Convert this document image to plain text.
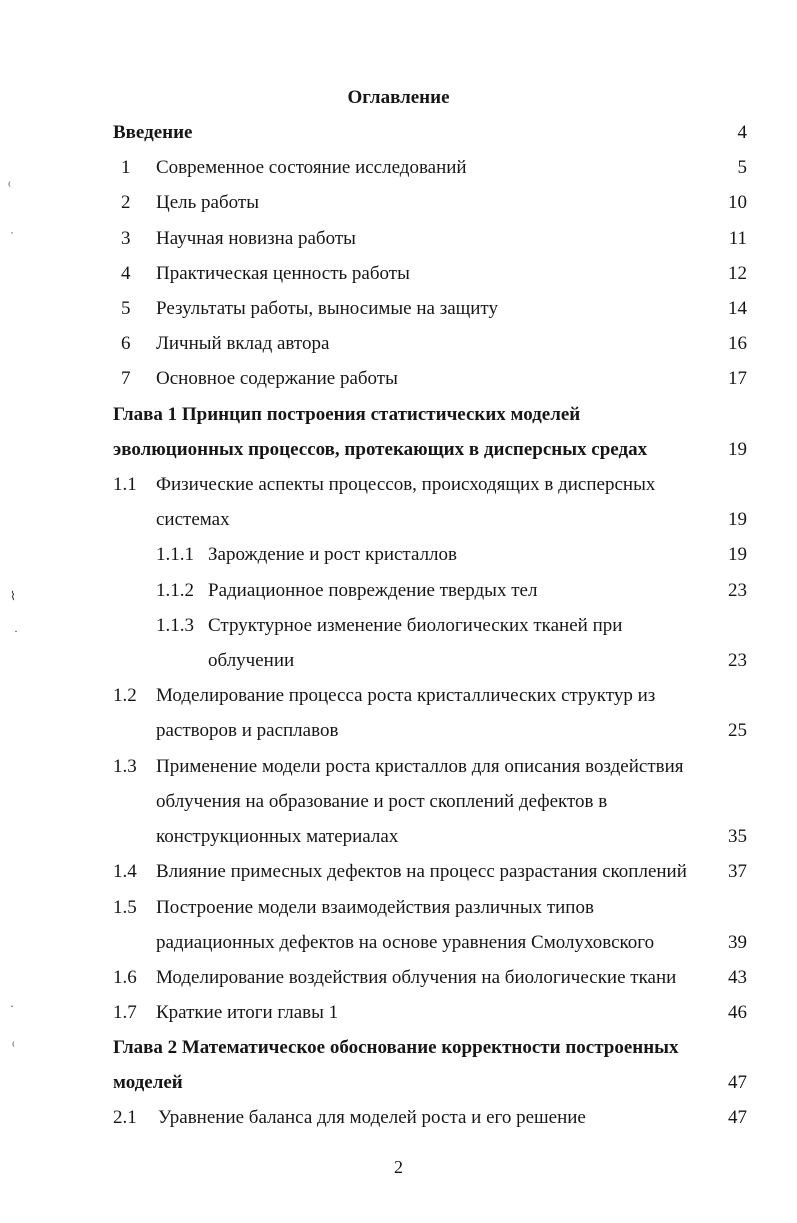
⁽
˙
⌇
·
·
⁽
Оглавление
Введение	4
1 Современное состояние исследований	5
2 Цель работы	10
3 Научная новизна работы	11
4 Практическая ценность работы	12
5 Результаты работы, выносимые на защиту	14
6 Личный вклад автора	16
7 Основное содержание работы	17
Глава 1 Принцип построения статистических моделей
эволюционных процессов, протекающих в дисперсных средах	19
1.1 Физические аспекты процессов, происходящих в дисперсных
системах	19
1.1.1 Зарождение и рост кристаллов	19
1.1.2 Радиационное повреждение твердых тел	23
1.1.3 Структурное изменение биологических тканей при
облучении	23
1.2 Моделирование процесса роста кристаллических структур из
растворов и расплавов	25
1.3 Применение модели роста кристаллов для описания воздействия
облучения на образование и рост скоплений дефектов в
конструкционных материалах	35
1.4 Влияние примесных дефектов на процесс разрастания скоплений 37
1.5 Построение модели взаимодействия различных типов
радиационных дефектов на основе уравнения Смолуховского	39
1.6 Моделирование воздействия облучения на биологические ткани	43
1.7 Краткие итоги главы 1	46
Глава 2 Математическое обоснование корректности построенных
моделей	47
2.1 Уравнение баланса для моделей роста и его решение	47
2
